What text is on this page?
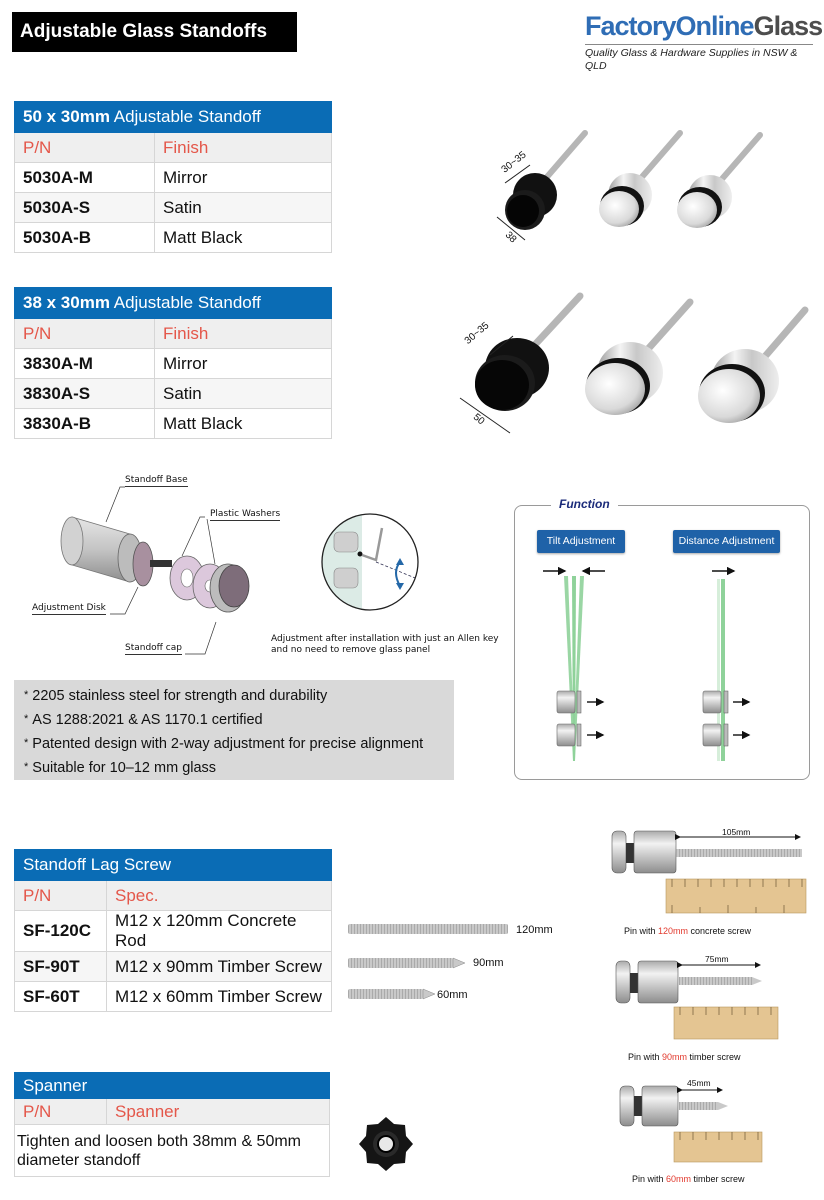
Adjustable Glass Standoffs	FactoryOnlineGlass
Quality Glass & Hardware Supplies in NSW & QLD
50 x 30mm Adjustable Standoff	
P/N	Finish
5030A-M	Mirror
5030A-S	Satin
5030A-B	Matt Black
30~35
38
38 x 30mm Adjustable Standoff	
P/N	Finish
3830A-M	Mirror
3830A-S	Satin
3830A-B	Matt Black
30~35
50
Standoff Base
Plastic Washers
Adjustment Disk
Standoff cap
Adjustment after installation with just an Allen key
and no need to remove glass panel
* 2205 stainless steel for strength and durability
* AS 1288:2021 & AS 1170.1 certified
* Patented design with 2-way adjustment for precise alignment
* Suitable for 10–12 mm glass
Function
Tilt Adjustment	Distance Adjustment
Standoff Lag Screw	
P/N	Spec.
SF-120C	M12 x 120mm Concrete Rod
SF-90T	M12 x 90mm Timber Screw
SF-60T	M12 x 60mm Timber Screw
120mm
90mm
60mm
105mm
Pin with 120mm concrete screw
75mm
Pin with 90mm timber screw
45mm
Pin with 60mm timber screw
Spanner
P/N	Spanner
Tighten and loosen both 38mm & 50mm diameter standoff
